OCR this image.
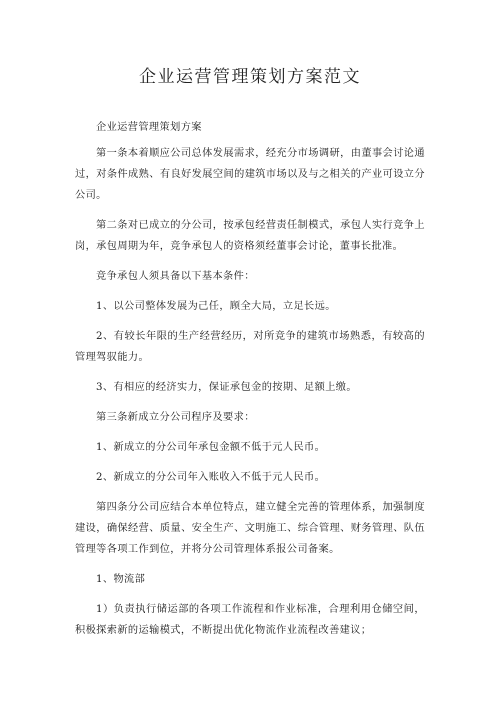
企业运营管理策划方案范文

企业运营管理策划方案

第一条本着顺应公司总体发展需求，经充分市场调研，由董事会讨论通过，对条件成熟、有良好发展空间的建筑市场以及与之相关的产业可设立分公司。

第二条对已成立的分公司，按承包经营责任制模式，承包人实行竞争上岗，承包周期为年，竞争承包人的资格须经董事会讨论，董事长批准。

竞争承包人须具备以下基本条件：

1、以公司整体发展为己任，顾全大局，立足长远。

2、有较长年限的生产经营经历，对所竞争的建筑市场熟悉，有较高的管理驾驭能力。

3、有相应的经济实力，保证承包金的按期、足额上缴。

第三条新成立分公司程序及要求：

1、新成立的分公司年承包金额不低于元人民币。

2、新成立的分公司年入账收入不低于元人民币。

第四条分公司应结合本单位特点，建立健全完善的管理体系，加强制度建设，确保经营、质量、安全生产、文明施工、综合管理、财务管理、队伍管理等各项工作到位，并将分公司管理体系报公司备案。

1、物流部

1）负责执行储运部的各项工作流程和作业标准，合理利用仓储空间，积极探索新的运输模式，不断提出优化物流作业流程改善建议；
